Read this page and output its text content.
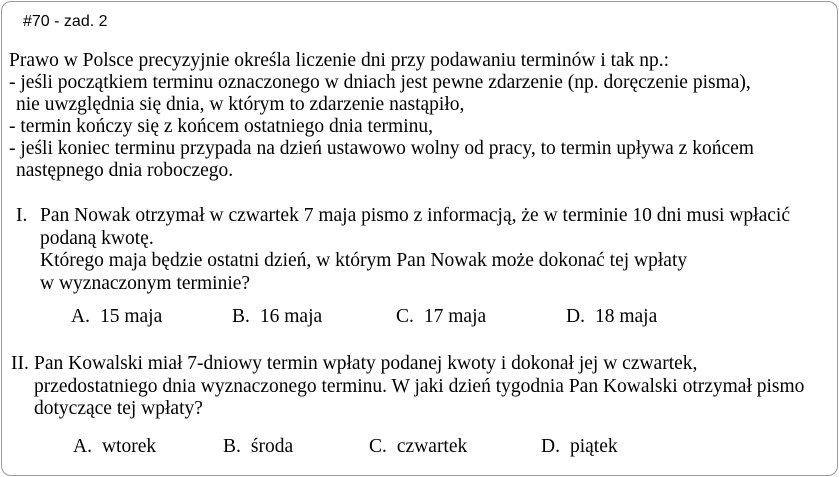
#70 - zad. 2
Prawo w Polsce precyzyjnie określa liczenie dni przy podawaniu terminów i tak np.:
- jeśli początkiem terminu oznaczonego w dniach jest pewne zdarzenie (np. doręczenie pisma),
nie uwzględnia się dnia, w którym to zdarzenie nastąpiło,
- termin kończy się z końcem ostatniego dnia terminu,
- jeśli koniec terminu przypada na dzień ustawowo wolny od pracy, to termin upływa z końcem
następnego dnia roboczego.
I. Pan Nowak otrzymał w czwartek 7 maja pismo z informacją, że w terminie 10 dni musi wpłacić
podaną kwotę.
Którego maja będzie ostatni dzień, w którym Pan Nowak może dokonać tej wpłaty
w wyznaczonym terminie?
A. 15 maja	B. 16 maja	C. 17 maja	D. 18 maja
II. Pan Kowalski miał 7-dniowy termin wpłaty podanej kwoty i dokonał jej w czwartek,
przedostatniego dnia wyznaczonego terminu. W jaki dzień tygodnia Pan Kowalski otrzymał pismo
dotyczące tej wpłaty?
A. wtorek	B. środa	C. czwartek	D. piątek
